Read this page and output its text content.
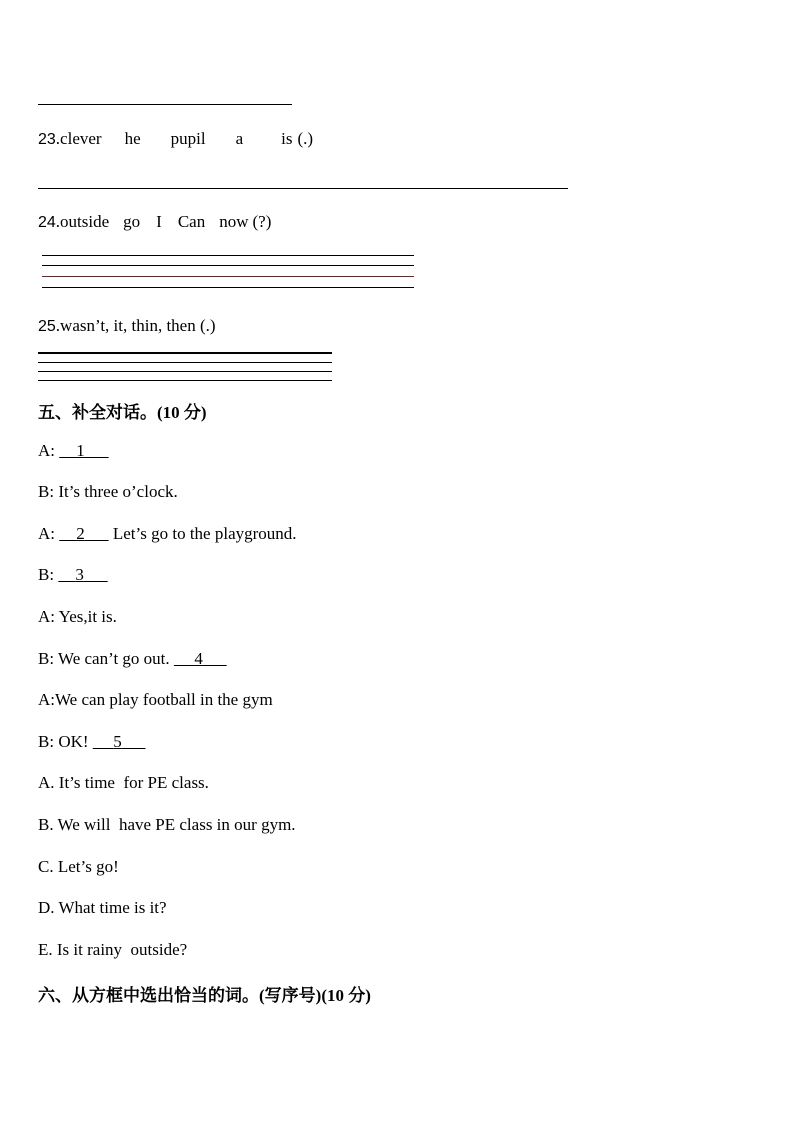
23.clever he pupil a is (.)
24.outside go I Can now (?)
25.wasn’t, it, thin, then (.)
五、补全对话。(10 分)
A:      1       
B: It’s three o’clock.
A:      2        Let’s go to the playground.
B:      3       
A: Yes,it is.
B: We can’t go out.       4       
A:We can play football in the gym
B: OK!       5       
A. It’s time  for PE class.
B. We will  have PE class in our gym.
C. Let’s go!
D. What time is it?
E. Is it rainy  outside?
六、从方框中选出恰当的词。(写序号)(10 分)
